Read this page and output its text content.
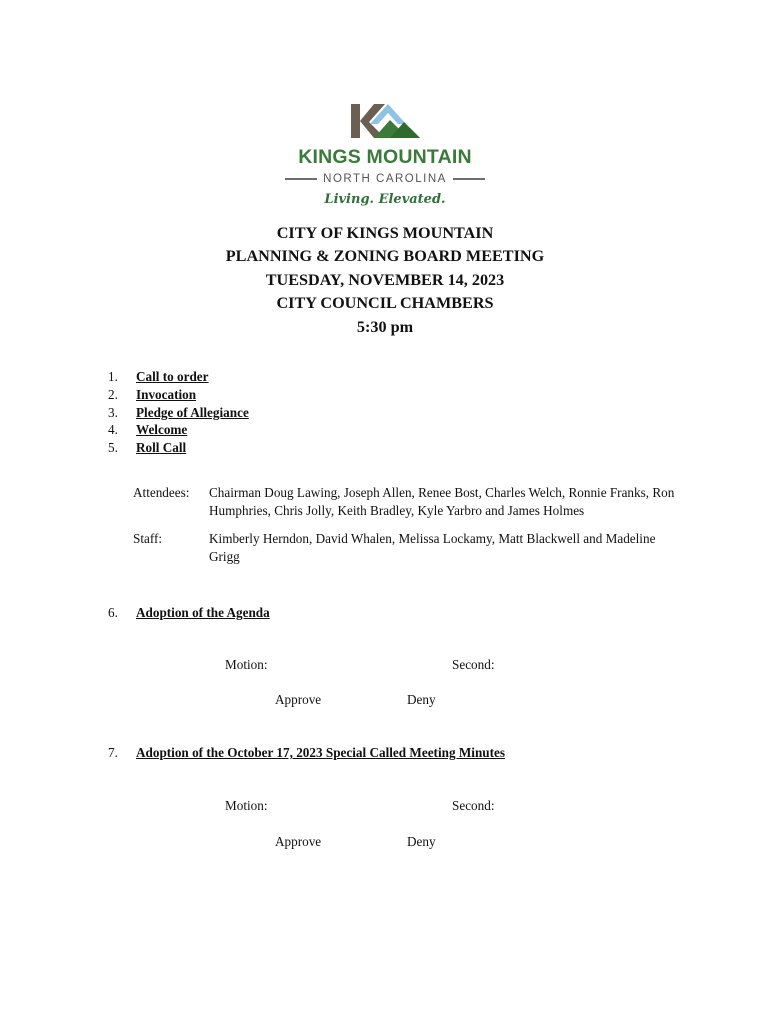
KINGS MOUNTAIN
NORTH CAROLINA
Living. Elevated.
CITY OF KINGS MOUNTAIN
PLANNING & ZONING BOARD MEETING
TUESDAY, NOVEMBER 14, 2023
CITY COUNCIL CHAMBERS
5:30 pm
1.	Call to order
2.	Invocation
3.	Pledge of Allegiance
4.	Welcome
5.	Roll Call
Attendees: Chairman Doug Lawing, Joseph Allen, Renee Bost, Charles Welch, Ronnie Franks, Ron Humphries, Chris Jolly, Keith Bradley, Kyle Yarbro and James Holmes
Staff:	Kimberly Herndon, David Whalen, Melissa Lockamy, Matt Blackwell and Madeline Grigg
6.	Adoption of the Agenda
Motion:	Second:
Approve	Deny
7.	Adoption of the October 17, 2023 Special Called Meeting Minutes
Motion:	Second:
Approve	Deny
